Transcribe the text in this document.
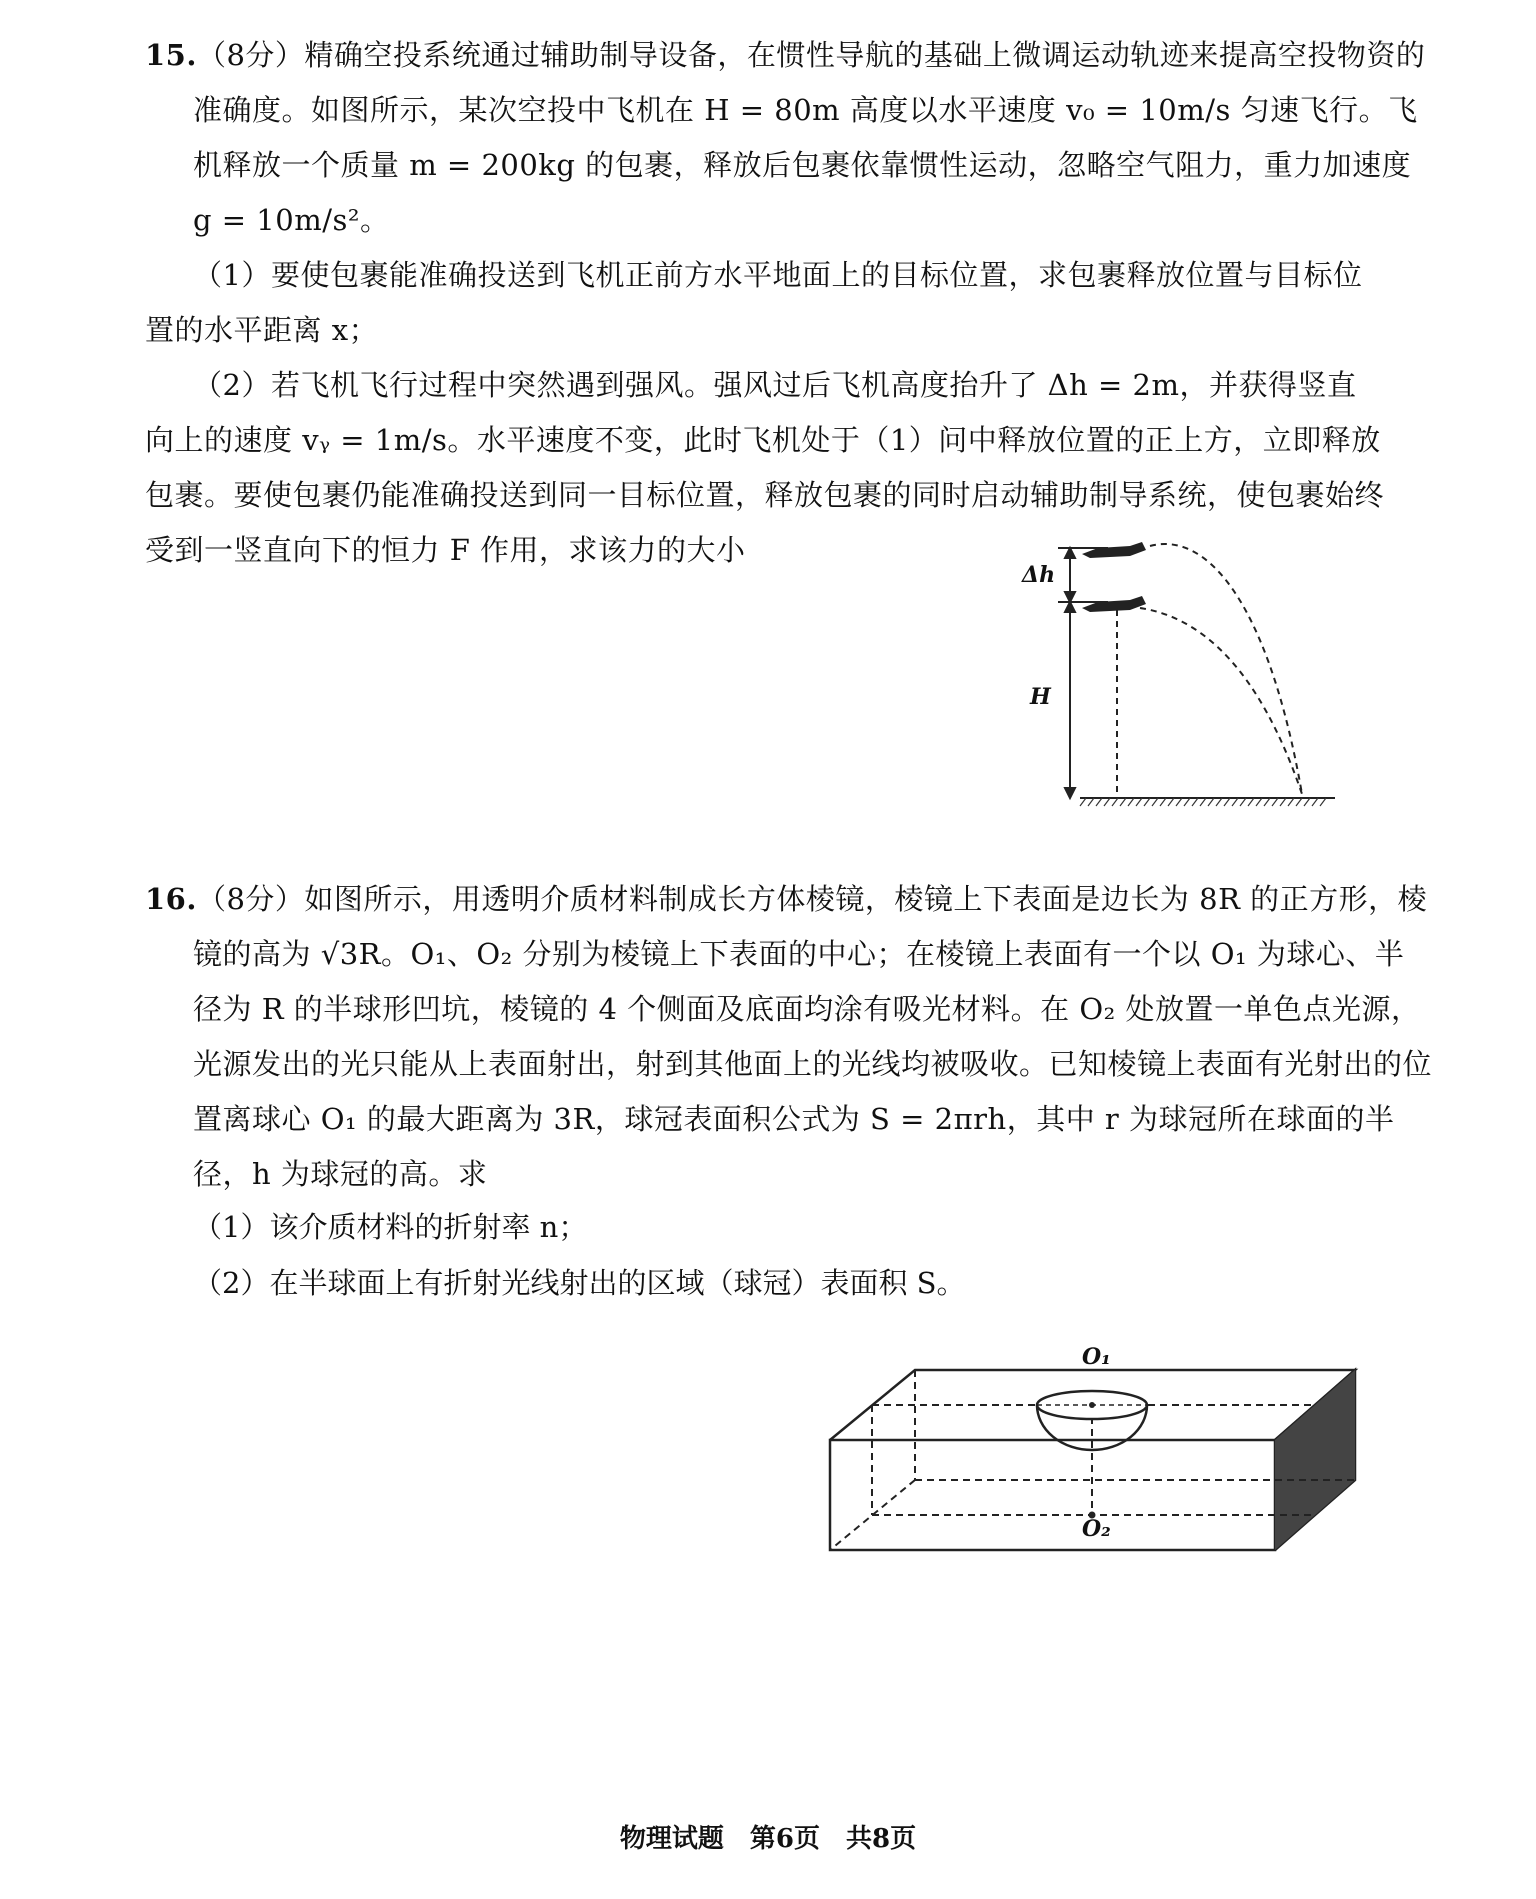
15.（8分）精确空投系统通过辅助制导设备，在惯性导航的基础上微调运动轨迹来提高空投物资的准确度。如图所示，某次空投中飞机在 H = 80m 高度以水平速度 v₀ = 10m/s 匀速飞行。飞机释放一个质量 m = 200kg 的包裹，释放后包裹依靠惯性运动，忽略空气阻力，重力加速度 g = 10m/s²。

（1）要使包裹能准确投送到飞机正前方水平地面上的目标位置，求包裹释放位置与目标位置的水平距离 x；

（2）若飞机飞行过程中突然遇到强风。强风过后飞机高度抬升了 Δh = 2m，并获得竖直向上的速度 vᵧ = 1m/s。水平速度不变，此时飞机处于（1）问中释放位置的正上方，立即释放包裹。要使包裹仍能准确投送到同一目标位置，释放包裹的同时启动辅助制导系统，使包裹始终受到一竖直向下的恒力 F 作用，求该力的大小

Δh
H

16.（8分）如图所示，用透明介质材料制成长方体棱镜，棱镜上下表面是边长为 8R 的正方形，棱镜的高为 √3R。O₁、O₂ 分别为棱镜上下表面的中心；在棱镜上表面有一个以 O₁ 为球心、半径为 R 的半球形凹坑，棱镜的 4 个侧面及底面均涂有吸光材料。在 O₂ 处放置一单色点光源，光源发出的光只能从上表面射出，射到其他面上的光线均被吸收。已知棱镜上表面有光射出的位置离球心 O₁ 的最大距离为 3R，球冠表面积公式为 S = 2πrh，其中 r 为球冠所在球面的半径，h 为球冠的高。求

（1）该介质材料的折射率 n；

（2）在半球面上有折射光线射出的区域（球冠）表面积 S。

O₁
O₂
物理试题　第6页　共8页
